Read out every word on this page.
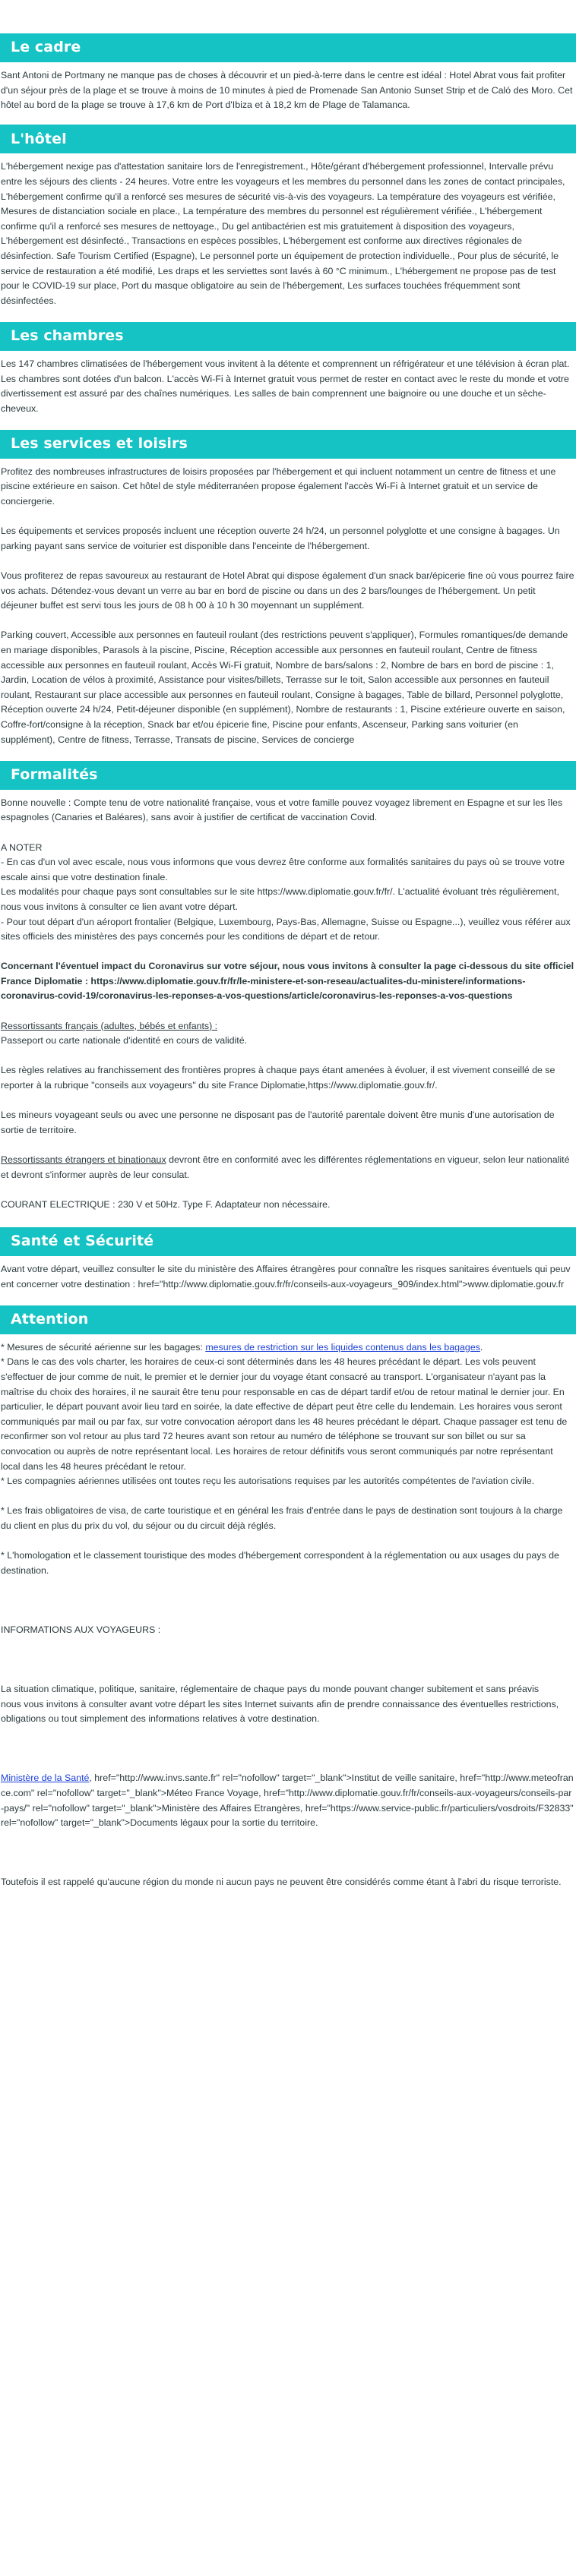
Le cadre

Sant Antoni de Portmany ne manque pas de choses à découvrir et un pied-à-terre dans le centre est idéal : Hotel Abrat vous fait profiter d'un séjour près de la plage et se trouve à moins de 10 minutes à pied de Promenade San Antonio Sunset Strip et de Caló des Moro. Cet hôtel au bord de la plage se trouve à 17,6 km de Port d'Ibiza et à 18,2 km de Plage de Talamanca.

L'hôtel

L'hébergement nexige pas d'attestation sanitaire lors de l'enregistrement., Hôte/gérant d'hébergement professionnel, Intervalle prévu entre les séjours des clients - 24 heures. Votre entre les voyageurs et les membres du personnel dans les zones de contact principales, L'hébergement confirme qu'il a renforcé ses mesures de sécurité vis-à-vis des voyageurs. La température des voyageurs est vérifiée, Mesures de distanciation sociale en place., La température des membres du personnel est régulièrement vérifiée., L'hébergement confirme qu'il a renforcé ses mesures de nettoyage., Du gel antibactérien est mis gratuitement à disposition des voyageurs, L'hébergement est désinfecté., Transactions en espèces possibles, L'hébergement est conforme aux directives régionales de désinfection. Safe Tourism Certified (Espagne), Le personnel porte un équipement de protection individuelle., Pour plus de sécurité, le service de restauration a été modifié, Les draps et les serviettes sont lavés à 60 °C minimum., L'hébergement ne propose pas de test pour le COVID-19 sur place, Port du masque obligatoire au sein de l'hébergement, Les surfaces touchées fréquemment sont désinfectées.

Les chambres

Les 147 chambres climatisées de l'hébergement vous invitent à la détente et comprennent un réfrigérateur et une télévision à écran plat. Les chambres sont dotées d'un balcon. L'accès Wi-Fi à Internet gratuit vous permet de rester en contact avec le reste du monde et votre divertissement est assuré par des chaînes numériques. Les salles de bain comprennent une baignoire ou une douche et un sèche-cheveux.

Les services et loisirs

Profitez des nombreuses infrastructures de loisirs proposées par l'hébergement et qui incluent notamment un centre de fitness et une piscine extérieure en saison. Cet hôtel de style méditerranéen propose également l'accès Wi-Fi à Internet gratuit et un service de conciergerie.

Les équipements et services proposés incluent une réception ouverte 24 h/24, un personnel polyglotte et une consigne à bagages. Un parking payant sans service de voiturier est disponible dans l'enceinte de l'hébergement.

Vous profiterez de repas savoureux au restaurant de Hotel Abrat qui dispose également d'un snack bar/épicerie fine où vous pourrez faire vos achats. Détendez-vous devant un verre au bar en bord de piscine ou dans un des 2 bars/lounges de l'hébergement. Un petit déjeuner buffet est servi tous les jours de 08 h 00 à 10 h 30 moyennant un supplément.

Parking couvert, Accessible aux personnes en fauteuil roulant (des restrictions peuvent s'appliquer), Formules romantiques/de demande en mariage disponibles, Parasols à la piscine, Piscine, Réception accessible aux personnes en fauteuil roulant, Centre de fitness accessible aux personnes en fauteuil roulant, Accès Wi-Fi gratuit, Nombre de bars/salons : 2, Nombre de bars en bord de piscine : 1, Jardin, Location de vélos à proximité, Assistance pour visites/billets, Terrasse sur le toit, Salon accessible aux personnes en fauteuil roulant, Restaurant sur place accessible aux personnes en fauteuil roulant, Consigne à bagages, Table de billard, Personnel polyglotte, Réception ouverte 24 h/24, Petit-déjeuner disponible (en supplément), Nombre de restaurants : 1, Piscine extérieure ouverte en saison, Coffre-fort/consigne à la réception, Snack bar et/ou épicerie fine, Piscine pour enfants, Ascenseur, Parking sans voiturier (en supplément), Centre de fitness, Terrasse, Transats de piscine, Services de concierge

Formalités

Bonne nouvelle : Compte tenu de votre nationalité française, vous et votre famille pouvez voyagez librement en Espagne et sur les îles espagnoles (Canaries et Baléares), sans avoir à justifier de certificat de vaccination Covid.

A NOTER

- En cas d'un vol avec escale, nous vous informons que vous devrez être conforme aux formalités sanitaires du pays où se trouve votre escale ainsi que votre destination finale.

Les modalités pour chaque pays sont consultables sur le site https://www.diplomatie.gouv.fr/fr/. L'actualité évoluant très régulièrement, nous vous invitons à consulter ce lien avant votre départ.

- Pour tout départ d'un aéroport frontalier (Belgique, Luxembourg, Pays-Bas, Allemagne, Suisse ou Espagne...), veuillez vous référer aux sites officiels des ministères des pays concernés pour les conditions de départ et de retour.

Concernant l'éventuel impact du Coronavirus sur votre séjour, nous vous invitons à consulter la page ci-dessous du site officiel France Diplomatie : https://www.diplomatie.gouv.fr/fr/le-ministere-et-son-reseau/actualites-du-ministere/informations-coronavirus-covid-19/coronavirus-les-reponses-a-vos-questions/article/coronavirus-les-reponses-a-vos-questions

Ressortissants français (adultes, bébés et enfants) :

Passeport ou carte nationale d'identité en cours de validité.

Les règles relatives au franchissement des frontières propres à chaque pays étant amenées à évoluer, il est vivement conseillé de se reporter à la rubrique "conseils aux voyageurs" du site France Diplomatie,https://www.diplomatie.gouv.fr/.

Les mineurs voyageant seuls ou avec une personne ne disposant pas de l'autorité parentale doivent être munis d'une autorisation de sortie de territoire.

Ressortissants étrangers et binationaux devront être en conformité avec les différentes réglementations en vigueur, selon leur nationalité et devront s'informer auprès de leur consulat.

COURANT ELECTRIQUE : 230 V et 50Hz. Type F. Adaptateur non nécessaire.

Santé et Sécurité

Avant votre départ, veuillez consulter le site du ministère des Affaires étrangères pour connaître les risques sanitaires éventuels qui peuvent concerner votre destination : href="http://www.diplomatie.gouv.fr/fr/conseils-aux-voyageurs_909/index.html">www.diplomatie.gouv.fr

Attention

* Mesures de sécurité aérienne sur les bagages: mesures de restriction sur les liquides contenus dans les bagages.

* Dans le cas des vols charter, les horaires de ceux-ci sont déterminés dans les 48 heures précédant le départ. Les vols peuvent s'effectuer de jour comme de nuit, le premier et le dernier jour du voyage étant consacré au transport. L'organisateur n'ayant pas la maîtrise du choix des horaires, il ne saurait être tenu pour responsable en cas de départ tardif et/ou de retour matinal le dernier jour. En particulier, le départ pouvant avoir lieu tard en soirée, la date effective de départ peut être celle du lendemain. Les horaires vous seront communiqués par mail ou par fax, sur votre convocation aéroport dans les 48 heures précédant le départ. Chaque passager est tenu de reconfirmer son vol retour au plus tard 72 heures avant son retour au numéro de téléphone se trouvant sur son billet ou sur sa convocation ou auprès de notre représentant local. Les horaires de retour définitifs vous seront communiqués par notre représentant local dans les 48 heures précédant le retour.

* Les compagnies aériennes utilisées ont toutes reçu les autorisations requises par les autorités compétentes de l'aviation civile.

* Les frais obligatoires de visa, de carte touristique et en général les frais d'entrée dans le pays de destination sont toujours à la charge du client en plus du prix du vol, du séjour ou du circuit déjà réglés.

* L'homologation et le classement touristique des modes d'hébergement correspondent à la réglementation ou aux usages du pays de destination.

INFORMATIONS AUX VOYAGEURS :

La situation climatique, politique, sanitaire, réglementaire de chaque pays du monde pouvant changer subitement et sans préavis

nous vous invitons à consulter avant votre départ les sites Internet suivants afin de prendre connaissance des éventuelles restrictions, obligations ou tout simplement des informations relatives à votre destination.

Ministère de la Santé, href="http://www.invs.sante.fr" rel="nofollow" target="_blank">Institut de veille sanitaire, href="http://www.meteofrance.com" rel="nofollow" target="_blank">Méteo France Voyage, href="http://www.diplomatie.gouv.fr/fr/conseils-aux-voyageurs/conseils-par-pays/" rel="nofollow" target="_blank">Ministère des Affaires Etrangères, href="https://www.service-public.fr/particuliers/vosdroits/F32833" rel="nofollow" target="_blank">Documents légaux pour la sortie du territoire.

Toutefois il est rappelé qu'aucune région du monde ni aucun pays ne peuvent être considérés comme étant à l'abri du risque terroriste.
